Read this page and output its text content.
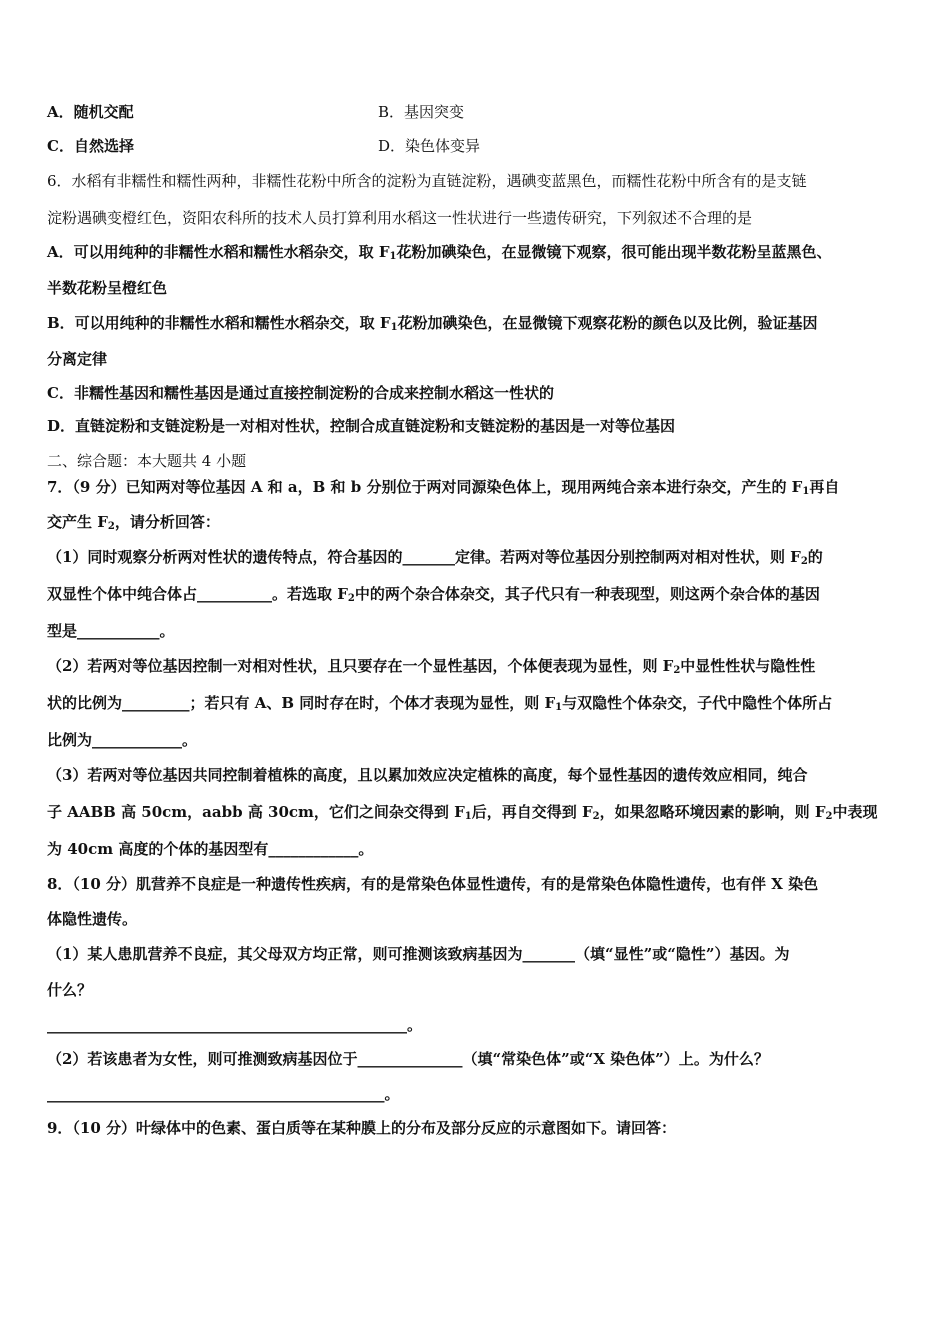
A．随机交配	B．基因突变
C．自然选择	D．染色体变异
6．水稻有非糯性和糯性两种，非糯性花粉中所含的淀粉为直链淀粉，遇碘变蓝黑色，而糯性花粉中所含有的是支链
淀粉遇碘变橙红色，资阳农科所的技术人员打算利用水稻这一性状进行一些遗传研究，下列叙述不合理的是
A．可以用纯种的非糯性水稻和糯性水稻杂交，取 $F_1$花粉加碘染色，在显微镜下观察，很可能出现半数花粉呈蓝黑色、
半数花粉呈橙红色
B．可以用纯种的非糯性水稻和糯性水稻杂交，取 $F_1$花粉加碘染色，在显微镜下观察花粉的颜色以及比例，验证基因
分离定律
C．非糯性基因和糯性基因是通过直接控制淀粉的合成来控制水稻这一性状的
D．直链淀粉和支链淀粉是一对相对性状，控制合成直链淀粉和支链淀粉的基因是一对等位基因
二、综合题：本大题共 4 小题
7．（9 分）已知两对等位基因 A 和 a，B 和 b 分别位于两对同源染色体上，现用两纯合亲本进行杂交，产生的 $F_1$再自
交产生 $F_2$，请分析回答：
（1）同时观察分析两对性状的遗传特点，符合基因的_______定律。若两对等位基因分别控制两对相对性状，则 $F_2$的
双显性个体中纯合体占__________。若选取 $F_2$中的两个杂合体杂交，其子代只有一种表现型，则这两个杂合体的基因
型是___________。
（2）若两对等位基因控制一对相对性状，且只要存在一个显性基因，个体便表现为显性，则 $F_2$中显性性状与隐性性
状的比例为_________；若只有 A、B 同时存在时，个体才表现为显性，则 $F_1$与双隐性个体杂交，子代中隐性个体所占
比例为____________。
（3）若两对等位基因共同控制着植株的高度，且以累加效应决定植株的高度，每个显性基因的遗传效应相同，纯合
子 AABB 高 50cm，aabb 高 30cm，它们之间杂交得到 $F_1$后，再自交得到 $F_2$，如果忽略环境因素的影响，则 $F_2$中表现
为 40cm 高度的个体的基因型有____________。
8．（10 分）肌营养不良症是一种遗传性疾病，有的是常染色体显性遗传，有的是常染色体隐性遗传，也有伴 X 染色
体隐性遗传。
（1）某人患肌营养不良症，其父母双方均正常，则可推测该致病基因为_______（填“显性”或“隐性”）基因。为
什么？
________________________________________________。
（2）若该患者为女性，则可推测致病基因位于______________（填“常染色体”或“X 染色体”）上。为什么？
_____________________________________________。
9．（10 分）叶绿体中的色素、蛋白质等在某种膜上的分布及部分反应的示意图如下。请回答：
